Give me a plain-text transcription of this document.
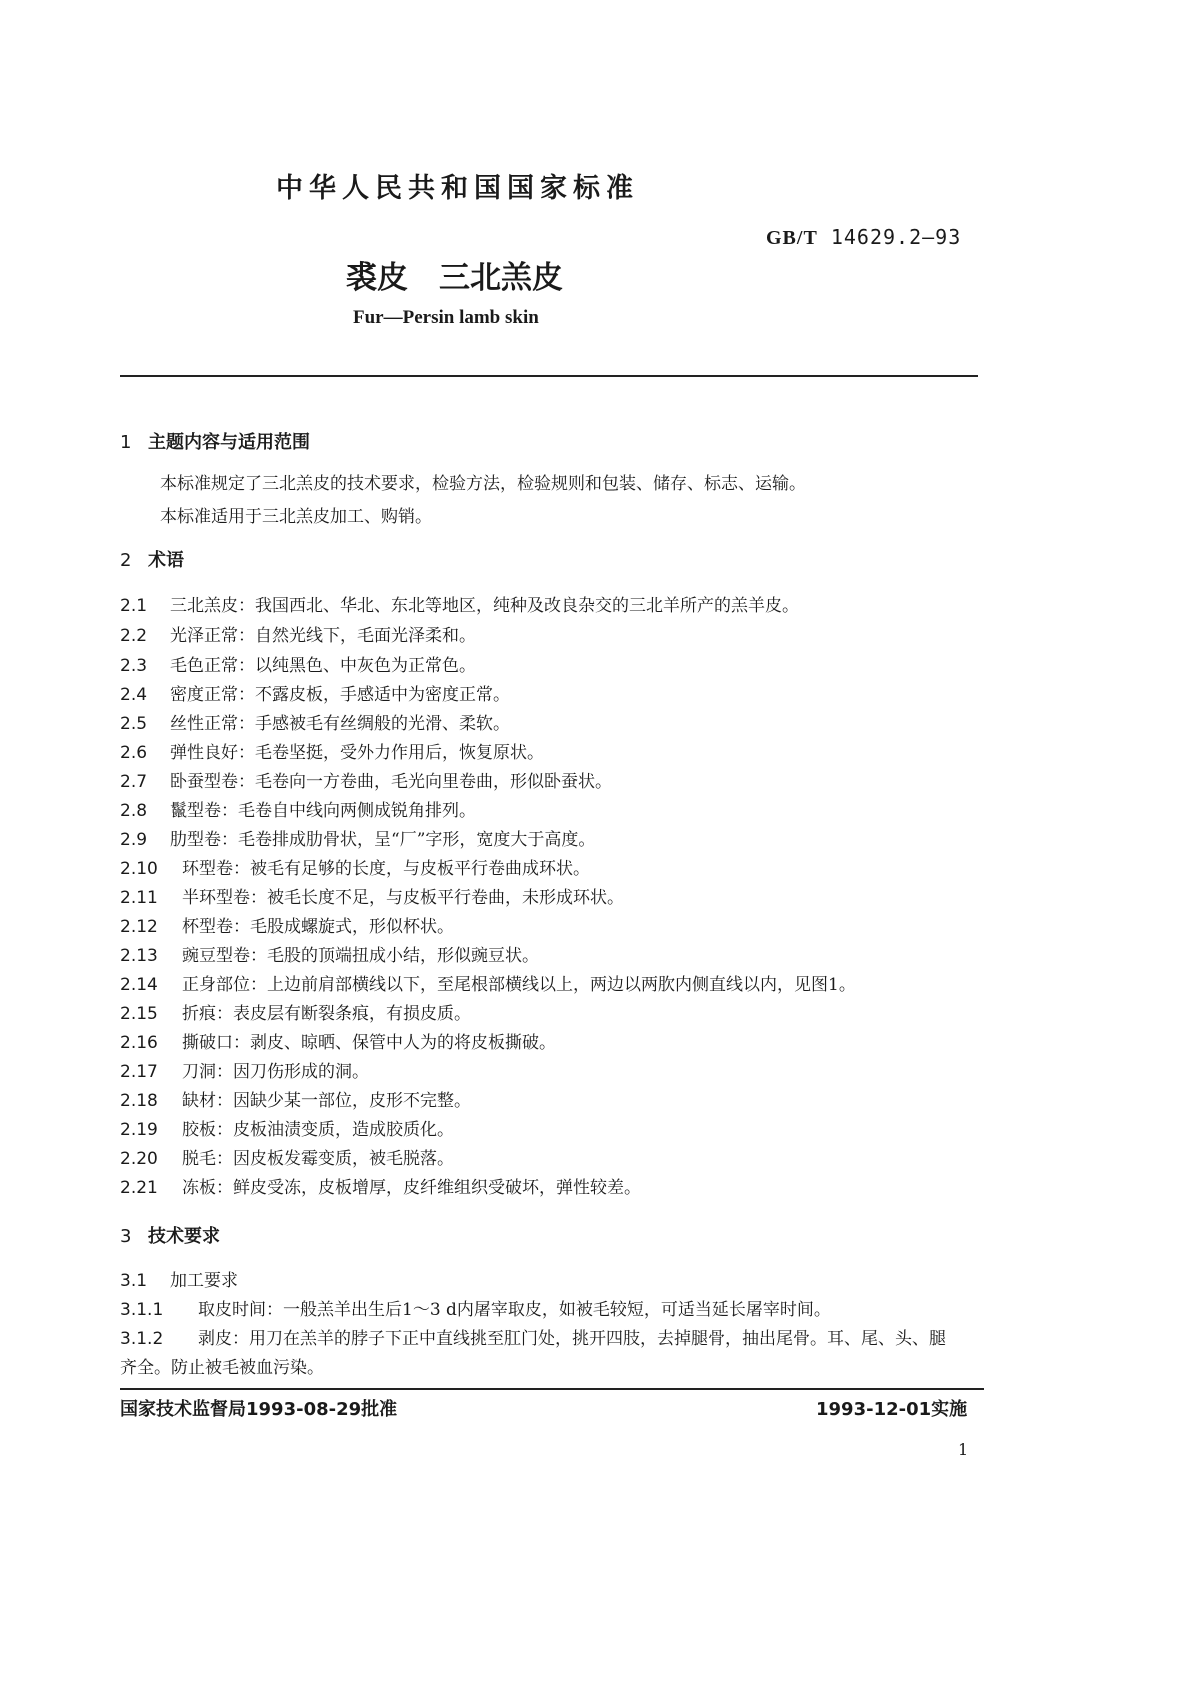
中华人民共和国国家标准
GB/T 14629.2—93
裘皮　三北羔皮
Fur—Persin lamb skin
1 主题内容与适用范围
本标准规定了三北羔皮的技术要求，检验方法，检验规则和包装、储存、标志、运输。
本标准适用于三北羔皮加工、购销。
2 术语
2.1 三北羔皮：我国西北、华北、东北等地区，纯种及改良杂交的三北羊所产的羔羊皮。
2.2 光泽正常：自然光线下，毛面光泽柔和。
2.3 毛色正常：以纯黑色、中灰色为正常色。
2.4 密度正常：不露皮板，手感适中为密度正常。
2.5 丝性正常：手感被毛有丝绸般的光滑、柔软。
2.6 弹性良好：毛卷坚挺，受外力作用后，恢复原状。
2.7 卧蚕型卷：毛卷向一方卷曲，毛光向里卷曲，形似卧蚕状。
2.8 鬣型卷：毛卷自中线向两侧成锐角排列。
2.9 肋型卷：毛卷排成肋骨状，呈“厂”字形，宽度大于高度。
2.10 环型卷：被毛有足够的长度，与皮板平行卷曲成环状。
2.11 半环型卷：被毛长度不足，与皮板平行卷曲，未形成环状。
2.12 杯型卷：毛股成螺旋式，形似杯状。
2.13 豌豆型卷：毛股的顶端扭成小结，形似豌豆状。
2.14 正身部位：上边前肩部横线以下，至尾根部横线以上，两边以两肷内侧直线以内，见图1。
2.15 折痕：表皮层有断裂条痕，有损皮质。
2.16 撕破口：剥皮、晾晒、保管中人为的将皮板撕破。
2.17 刀洞：因刀伤形成的洞。
2.18 缺材：因缺少某一部位，皮形不完整。
2.19 胶板：皮板油渍变质，造成胶质化。
2.20 脱毛：因皮板发霉变质，被毛脱落。
2.21 冻板：鲜皮受冻，皮板增厚，皮纤维组织受破坏，弹性较差。
3 技术要求
3.1 加工要求
3.1.1 取皮时间：一般羔羊出生后1～3 d内屠宰取皮，如被毛较短，可适当延长屠宰时间。
3.1.2 剥皮：用刀在羔羊的脖子下正中直线挑至肛门处，挑开四肢，去掉腿骨，抽出尾骨。耳、尾、头、腿
齐全。防止被毛被血污染。
国家技术监督局1993-08-29批准	1993-12-01实施
1
